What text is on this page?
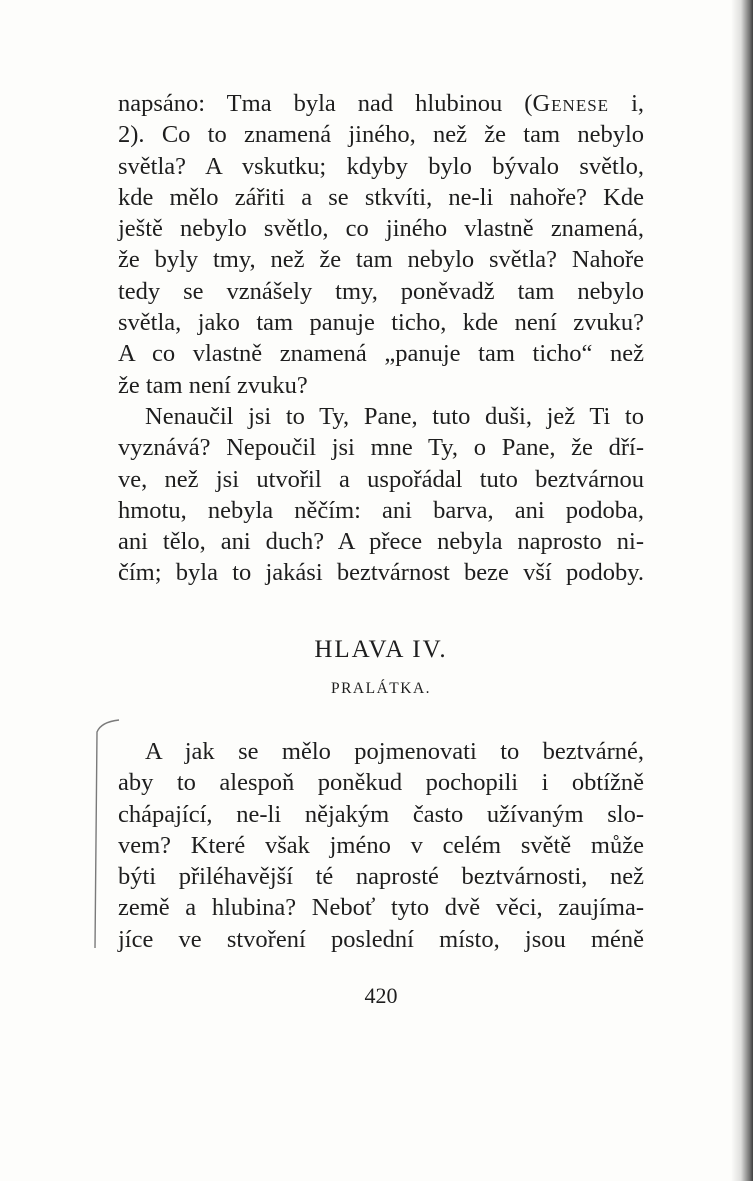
napsáno: Tma byla nad hlubinou (Genese i,
2). Co to znamená jiného, než že tam nebylo
světla? A vskutku; kdyby bylo bývalo světlo,
kde mělo zářiti a se stkvíti, ne-li nahoře? Kde
ještě nebylo světlo, co jiného vlastně znamená,
že byly tmy, než že tam nebylo světla? Nahoře
tedy se vznášely tmy, poněvadž tam nebylo
světla, jako tam panuje ticho, kde není zvuku?
A co vlastně znamená „panuje tam ticho“ než
že tam není zvuku?
Nenaučil jsi to Ty, Pane, tuto duši, jež Ti to
vyznává? Nepoučil jsi mne Ty, o Pane, že dří-
ve, než jsi utvořil a uspořádal tuto beztvárnou
hmotu, nebyla něčím: ani barva, ani podoba,
ani tělo, ani duch? A přece nebyla naprosto ni-
čím; byla to jakási beztvárnost beze vší podoby.
HLAVA IV.
PRALÁTKA.
A jak se mělo pojmenovati to beztvárné,
aby to alespoň poněkud pochopili i obtížně
chápající, ne-li nějakým často užívaným slo-
vem? Které však jméno v celém světě může
býti přiléhavější té naprosté beztvárnosti, než
země a hlubina? Neboť tyto dvě věci, zaujíma-
jíce ve stvoření poslední místo, jsou méně
420
